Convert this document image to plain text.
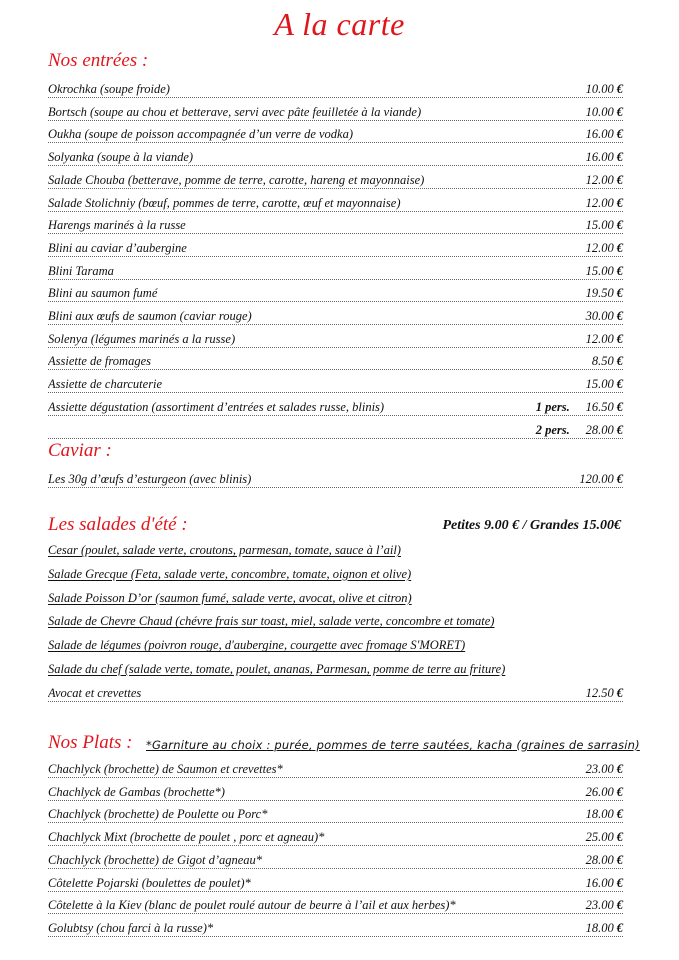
A la carte
Nos entrées :
Okrochka (soupe froide)	10.00 €
Bortsch (soupe au chou et betterave, servi avec pâte feuilletée à la viande)	10.00 €
Oukha (soupe de poisson accompagnée d’un verre de vodka)	16.00 €
Solyanka (soupe à la viande)	16.00 €
Salade Chouba (betterave, pomme de terre, carotte, hareng et mayonnaise)	12.00 €
Salade Stolichniy (bœuf, pommes de terre, carotte, œuf et mayonnaise)	12.00 €
Harengs marinés à la russe	15.00 €
Blini au caviar d’aubergine	12.00 €
Blini Tarama	15.00 €
Blini au saumon fumé	19.50 €
Blini aux œufs de saumon (caviar rouge)	30.00 €
Solenya (légumes marinés a la russe)	12.00 €
Assiette de fromages	8.50 €
Assiette de charcuterie	15.00 €
Assiette dégustation (assortiment d’entrées et salades russe, blinis)	1 pers.	16.50 €
2 pers.	28.00 €
Caviar :
Les 30g d’œufs d’esturgeon (avec blinis)	120.00 €
Les salades d'été :	Petites 9.00 € / Grandes 15.00€
Cesar (poulet, salade verte, croutons, parmesan, tomate, sauce à l’ail)
Salade Grecque (Feta, salade verte, concombre, tomate, oignon et olive)
Salade Poisson D’or (saumon fumé, salade verte, avocat, olive et citron)
Salade de Chevre Chaud (chévre frais sur toast, miel, salade verte, concombre et tomate)
Salade de légumes (poivron rouge, d'aubergine, courgette avec fromage S'MORET)
Salade du chef (salade verte, tomate, poulet, ananas, Parmesan, pomme de terre au friture)
Avocat et crevettes	12.50 €
Nos Plats : *Garniture au choix : purée, pommes de terre sautées, kacha (graines de sarrasin)
Chachlyck (brochette) de Saumon et crevettes*	23.00 €
Chachlyck de Gambas (brochette*)	26.00 €
Chachlyck (brochette) de Poulette ou Porc*	18.00 €
Chachlyck Mixt (brochette de poulet , porc et agneau)*	25.00 €
Chachlyck (brochette) de Gigot d’agneau*	28.00 €
Côtelette Pojarski (boulettes de poulet)*	16.00 €
Côtelette à la Kiev (blanc de poulet roulé autour de beurre à l’ail et aux herbes)*	23.00 €
Golubtsy (chou farci à la russe)*	18.00 €
